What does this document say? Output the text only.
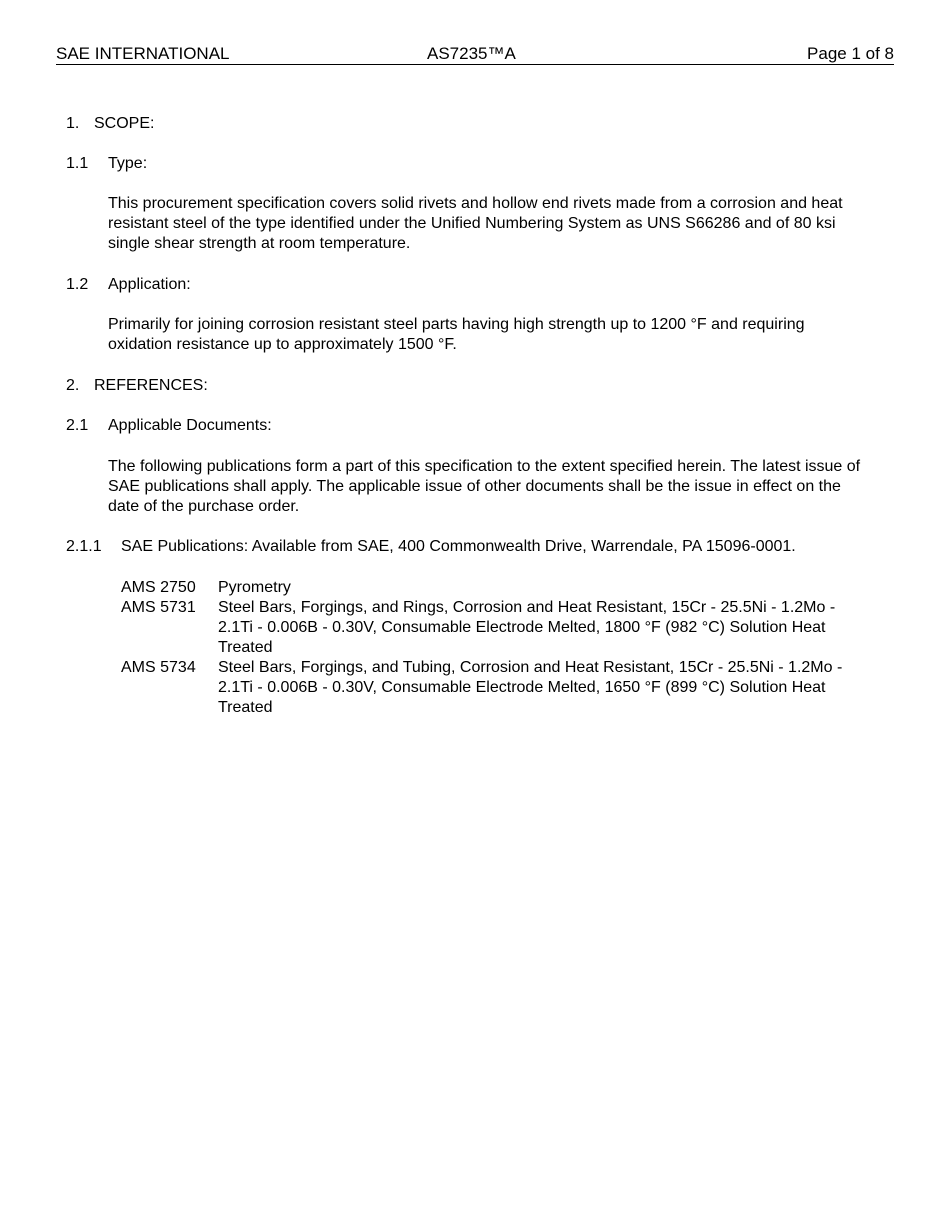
SAE INTERNATIONAL	AS7235™A	Page 1 of 8
1. SCOPE:
1.1 Type:
This procurement specification covers solid rivets and hollow end rivets made from a corrosion and heat resistant steel of the type identified under the Unified Numbering System as UNS S66286 and of 80 ksi single shear strength at room temperature.
1.2 Application:
Primarily for joining corrosion resistant steel parts having high strength up to 1200 °F and requiring oxidation resistance up to approximately 1500 °F.
2. REFERENCES:
2.1 Applicable Documents:
The following publications form a part of this specification to the extent specified herein. The latest issue of SAE publications shall apply. The applicable issue of other documents shall be the issue in effect on the date of the purchase order.
2.1.1 SAE Publications: Available from SAE, 400 Commonwealth Drive, Warrendale, PA 15096-0001.
AMS 2750 Pyrometry
AMS 5731 Steel Bars, Forgings, and Rings, Corrosion and Heat Resistant, 15Cr - 25.5Ni - 1.2Mo - 2.1Ti - 0.006B - 0.30V, Consumable Electrode Melted, 1800 °F (982 °C) Solution Heat Treated
AMS 5734 Steel Bars, Forgings, and Tubing, Corrosion and Heat Resistant, 15Cr - 25.5Ni - 1.2Mo - 2.1Ti - 0.006B - 0.30V, Consumable Electrode Melted, 1650 °F (899 °C) Solution Heat Treated
